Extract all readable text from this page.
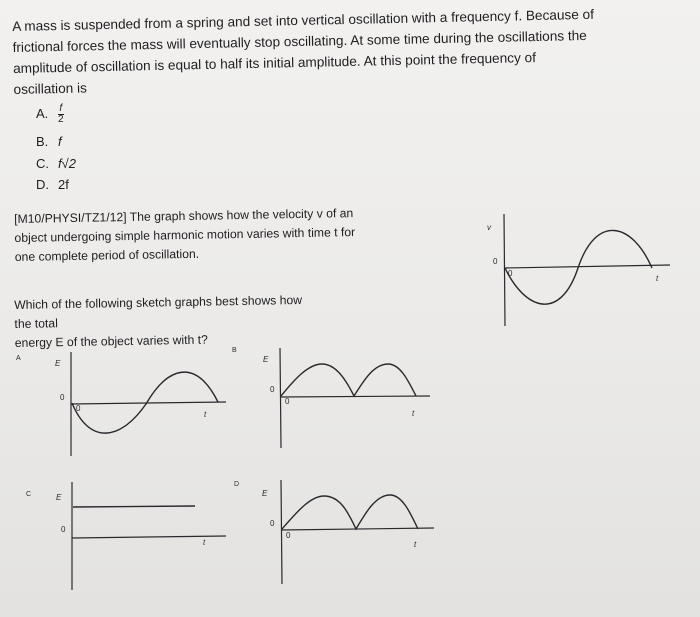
A mass is suspended from a spring and set into vertical oscillation with a frequency f. Because of

frictional forces the mass will eventually stop oscillating. At some time during the oscillations the

amplitude of oscillation is equal to half its initial amplitude. At this point the frequency of

oscillation is

A. $\frac{f}{2}$
B. f
C. f√2
D. 2f

[M10/PHYSI/TZ1/12] The graph shows how the velocity v of an

object undergoing simple harmonic motion varies with time t for

one complete period of oscillation.

Which of the following sketch graphs best shows how the total

energy E of the object varies with t?

v
0
0
t
A
E
0
0
t
B
E
0
0
t
C	E
0
t
D
E
0
0
t
